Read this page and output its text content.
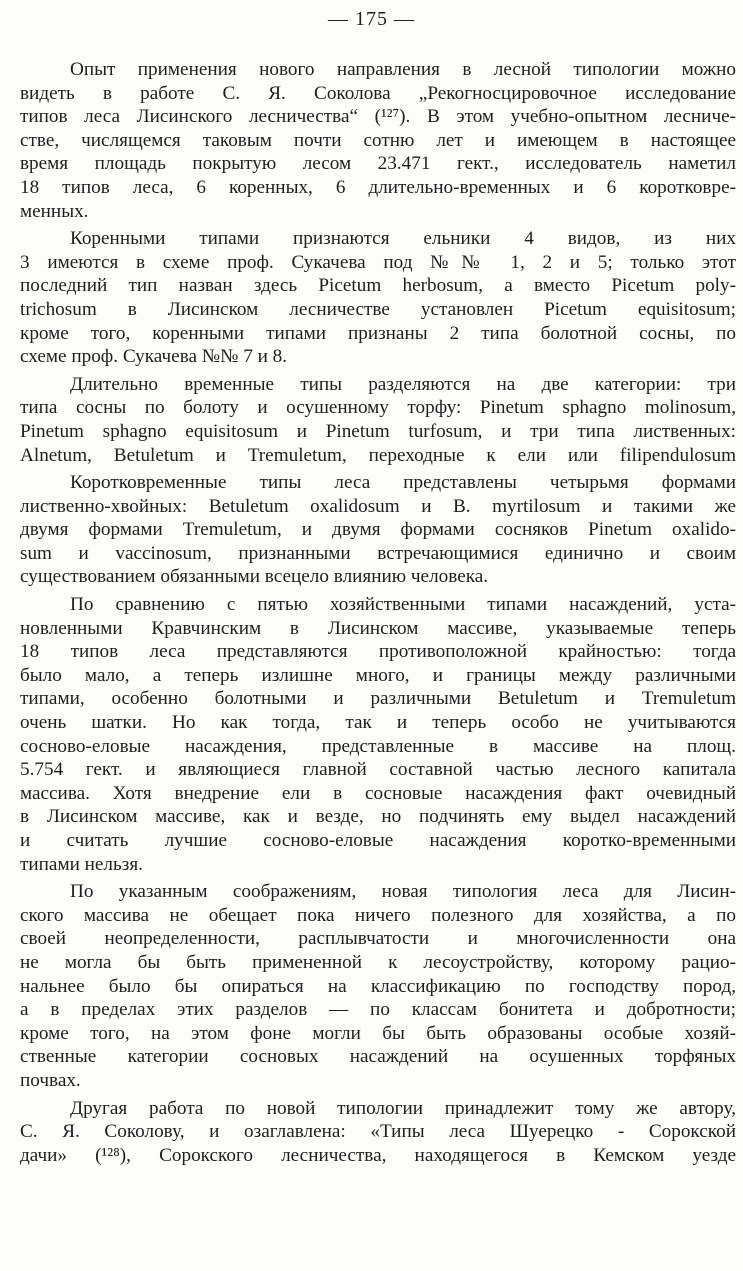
— 175 —
Опыт применения нового направления в лесной типологии можно
видеть в работе С. Я. Соколова „Рекогносцировочное исследование
типов леса Лисинского лесничества“ (¹²⁷). В этом учебно-опытном лесниче-
стве, числящемся таковым почти сотню лет и имеющем в настоящее
время площадь покрытую лесом 23.471 гект., исследователь наметил
18 типов леса, 6 коренных, 6 длительно-временных и 6 коротковре-
менных.
Коренными типами признаются ельники 4 видов, из них
3 имеются в схеме проф. Сукачева под №№ 1, 2 и 5; только этот
последний тип назван здесь Picetum herbosum, а вместо Picetum poly-
trichosum в Лисинском лесничестве установлен Picetum equisitosum;
кроме того, коренными типами признаны 2 типа болотной сосны, по
схеме проф. Сукачева №№ 7 и 8.
Длительно временные типы разделяются на две категории: три
типа сосны по болоту и осушенному торфу: Pinetum sphagno molinosum,
Pinetum sphagno equisitosum и Pinetum turfosum, и три типа лиственных:
Alnetum, Betuletum и Tremuletum, переходные к ели или filipendulosum
Коротковременные типы леса представлены четырьмя формами
лиственно-хвойных: Betuletum oxalidosum и B. myrtilosum и такими же
двумя формами Tremuletum, и двумя формами сосняков Pinetum oxalido-
sum и vaccinosum, признанными встречающимися единично и своим
существованием обязанными всецело влиянию человека.
По сравнению с пятью хозяйственными типами насаждений, уста-
новленными Кравчинским в Лисинском массиве, указываемые теперь
18 типов леса представляются противоположной крайностью: тогда
было мало, а теперь излишне много, и границы между различными
типами, особенно болотными и различными Betuletum и Tremuletum
очень шатки. Но как тогда, так и теперь особо не учитываются
сосново-еловые насаждения, представленные в массиве на площ.
5.754 гект. и являющиеся главной составной частью лесного капитала
массива. Хотя внедрение ели в сосновые насаждения факт очевидный
в Лисинском массиве, как и везде, но подчинять ему выдел насаждений
и считать лучшие сосново-еловые насаждения коротко-временными
типами нельзя.
По указанным соображениям, новая типология леса для Лисин-
ского массива не обещает пока ничего полезного для хозяйства, а по
своей неопределенности, расплывчатости и многочисленности она
не могла бы быть примененной к лесоустройству, которому рацио-
нальнее было бы опираться на классификацию по господству пород,
а в пределах этих разделов — по классам бонитета и добротности;
кроме того, на этом фоне могли бы быть образованы особые хозяй-
ственные категории сосновых насаждений на осушенных торфяных
почвах.
Другая работа по новой типологии принадлежит тому же автору,
С. Я. Соколову, и озаглавлена: «Типы леса Шуерецко - Сорокской
дачи» (¹²⁸), Сорокского лесничества, находящегося в Кемском уезде
